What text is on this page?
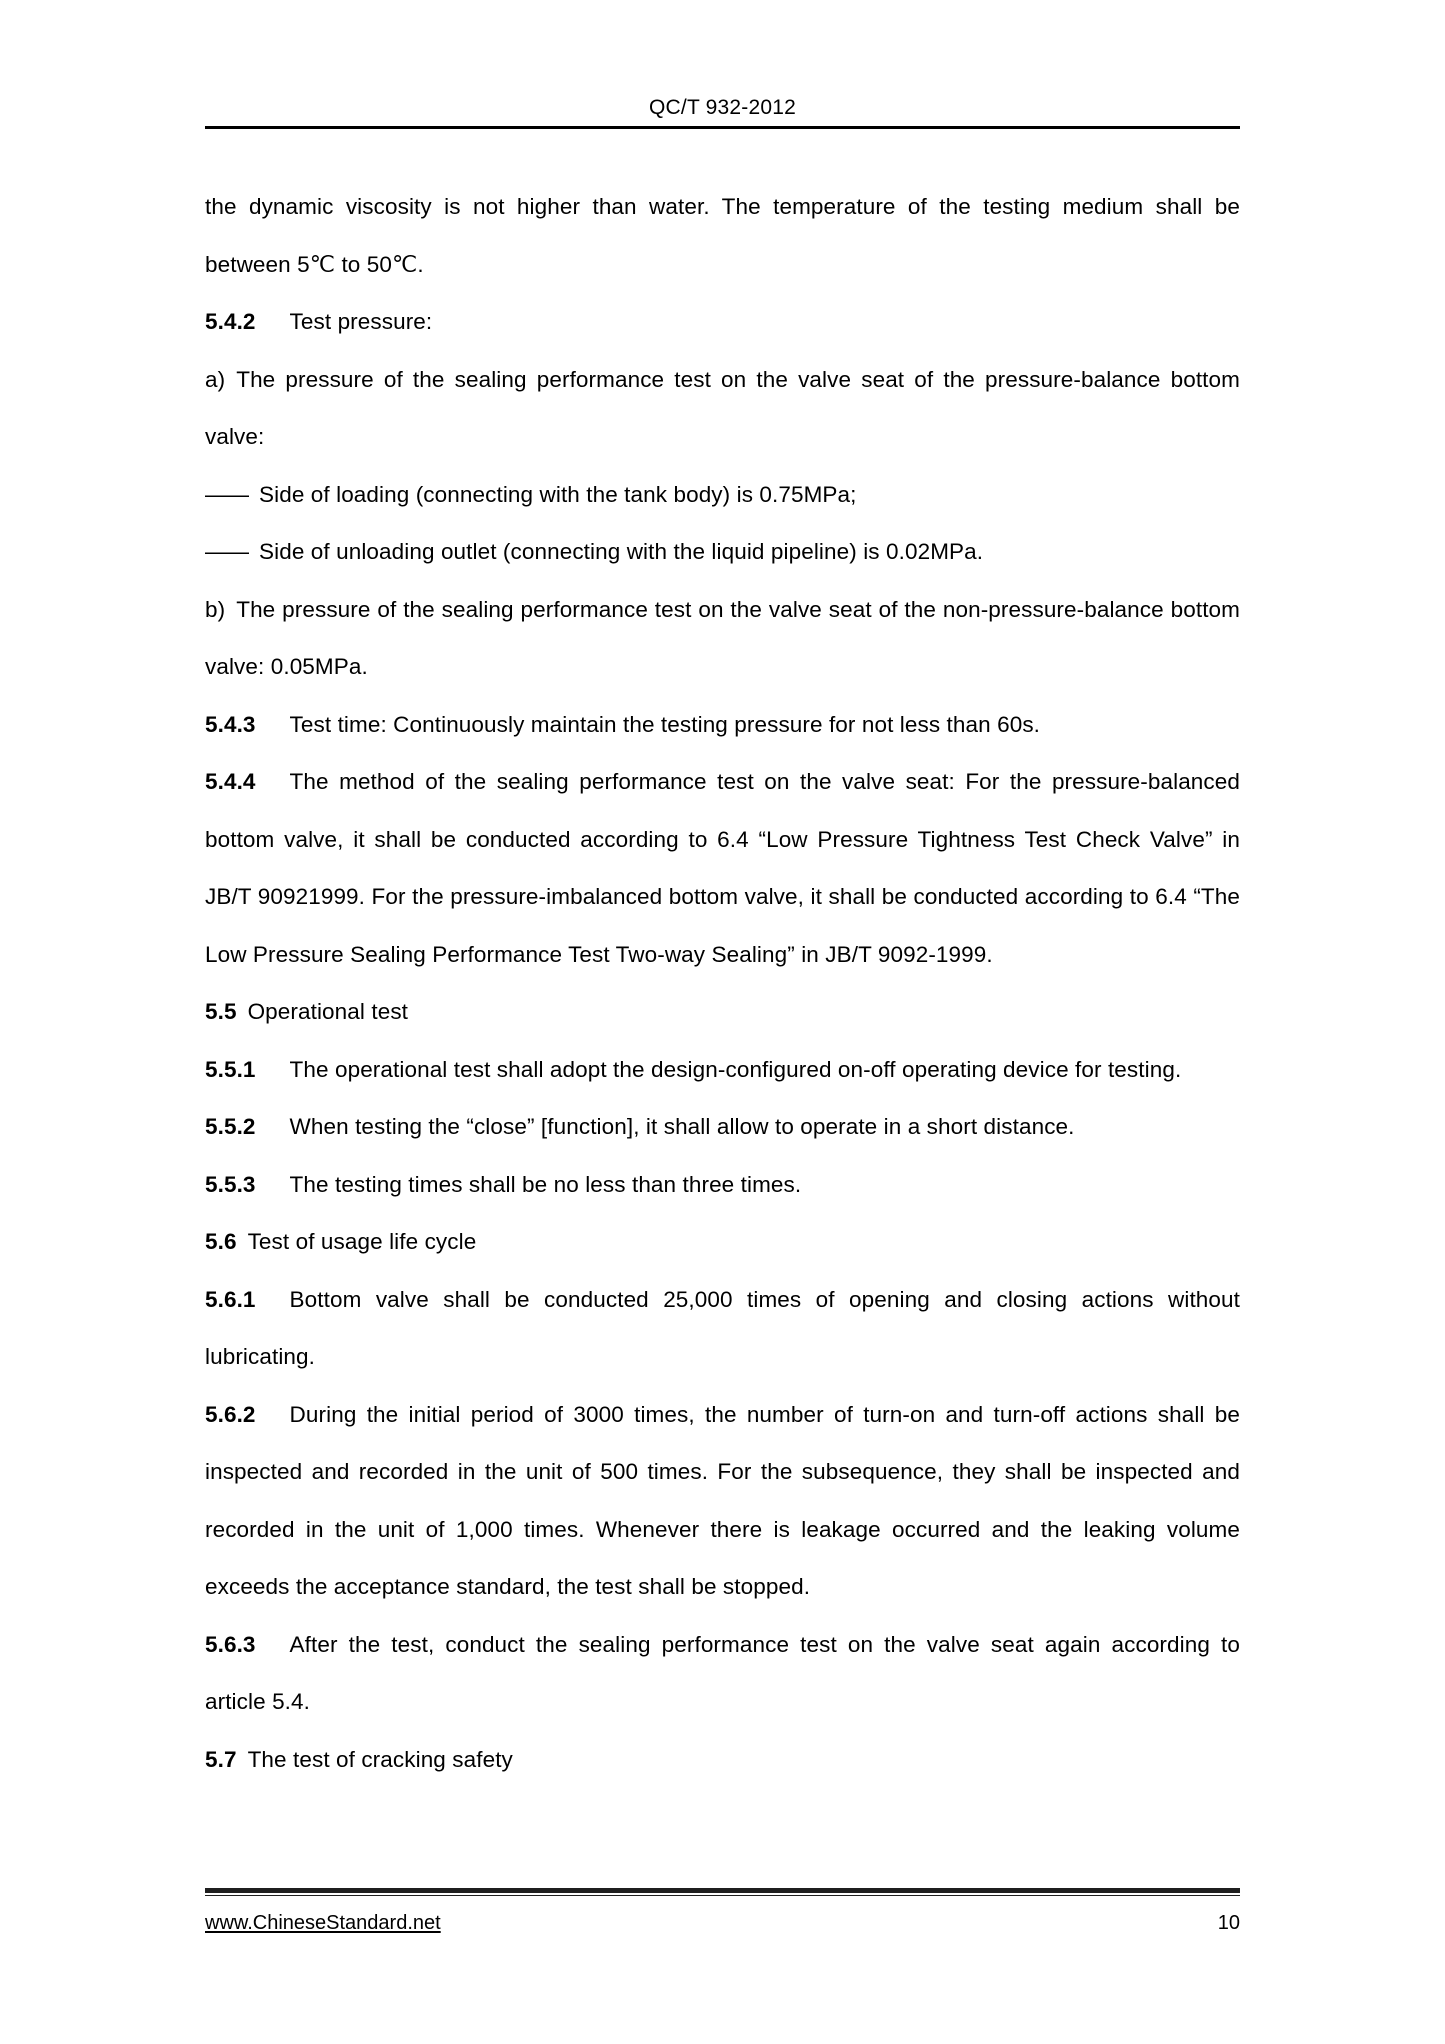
QC/T 932-2012

the dynamic viscosity is not higher than water. The temperature of the testing medium shall be between 5℃ to 50℃.

5.4.2 Test pressure:

a) The pressure of the sealing performance test on the valve seat of the pressure-balance bottom valve:

—— Side of loading (connecting with the tank body) is 0.75MPa;

—— Side of unloading outlet (connecting with the liquid pipeline) is 0.02MPa.

b) The pressure of the sealing performance test on the valve seat of the non-pressure-balance bottom valve: 0.05MPa.

5.4.3 Test time: Continuously maintain the testing pressure for not less than 60s.

5.4.4 The method of the sealing performance test on the valve seat: For the pressure-balanced bottom valve, it shall be conducted according to 6.4 “Low Pressure Tightness Test Check Valve” in JB/T 90921999. For the pressure-imbalanced bottom valve, it shall be conducted according to 6.4 “The Low Pressure Sealing Performance Test Two-way Sealing” in JB/T 9092-1999.

5.5 Operational test

5.5.1 The operational test shall adopt the design-configured on-off operating device for testing.

5.5.2 When testing the “close” [function], it shall allow to operate in a short distance.

5.5.3 The testing times shall be no less than three times.

5.6 Test of usage life cycle

5.6.1 Bottom valve shall be conducted 25,000 times of opening and closing actions without lubricating.

5.6.2 During the initial period of 3000 times, the number of turn-on and turn-off actions shall be inspected and recorded in the unit of 500 times. For the subsequence, they shall be inspected and recorded in the unit of 1,000 times. Whenever there is leakage occurred and the leaking volume exceeds the acceptance standard, the test shall be stopped.

5.6.3 After the test, conduct the sealing performance test on the valve seat again according to article 5.4.

5.7 The test of cracking safety

www.ChineseStandard.net	10
